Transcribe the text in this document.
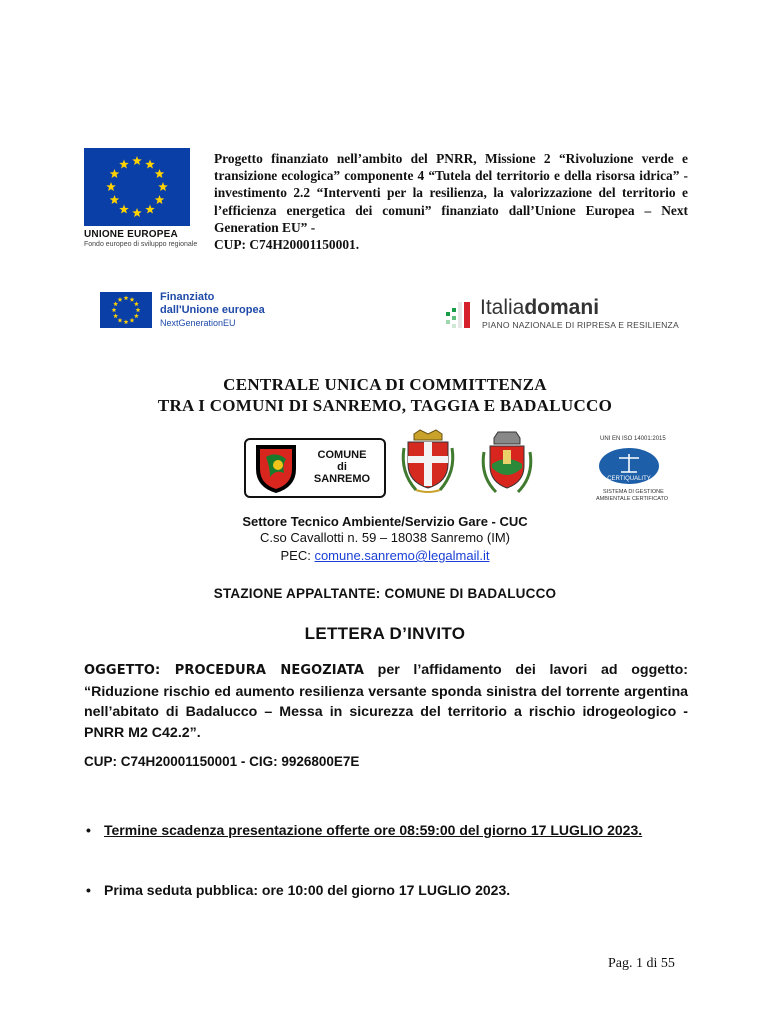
UNIONE EUROPEA
Fondo europeo di sviluppo regionale
Progetto finanziato nell’ambito del PNRR, Missione 2 “Rivoluzione verde e transizione ecologica” componente 4 “Tutela del territorio e della risorsa idrica” - investimento 2.2 “Interventi per la resilienza, la valorizzazione del territorio e l’efficienza energetica dei comuni” finanziato dall’Unione Europea – Next Generation EU” -
CUP: C74H20001150001.
Finanziato
dall'Unione europea
NextGenerationEU
Italiadomani
PIANO NAZIONALE DI RIPRESA E RESILIENZA
CENTRALE UNICA DI COMMITTENZA
TRA I COMUNI DI SANREMO, TAGGIA E BADALUCCO
COMUNE
di
SANREMO
UNI EN ISO 14001:2015
CERTIQUALITY
SISTEMA DI GESTIONE
AMBIENTALE CERTIFICATO
Settore Tecnico Ambiente/Servizio Gare - CUC
C.so Cavallotti n. 59 – 18038 Sanremo (IM)
PEC: comune.sanremo@legalmail.it
STAZIONE APPALTANTE: COMUNE DI BADALUCCO
LETTERA D’INVITO
OGGETTO: PROCEDURA NEGOZIATA per l’affidamento dei lavori ad oggetto: “Riduzione rischio ed aumento resilienza versante sponda sinistra del torrente argentina nell’abitato di Badalucco – Messa in sicurezza del territorio a rischio idrogeologico - PNRR M2 C42.2”.
CUP: C74H20001150001 - CIG: 9926800E7E
• Termine scadenza presentazione offerte ore 08:59:00 del giorno 17 LUGLIO 2023.
• Prima seduta pubblica: ore 10:00 del giorno 17 LUGLIO 2023.
Pag. 1 di 55
